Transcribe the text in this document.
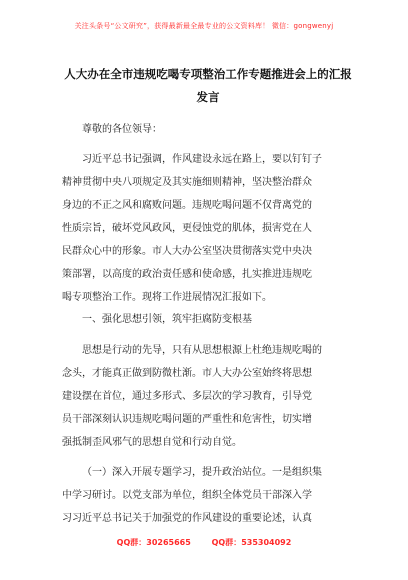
关注头条号“公文研究”，获得最新最全最专业的公文资料库！ 微信：gongwenyj
人大办在全市违规吃喝专项整治工作专题推进会上的汇报
发言
尊敬的各位领导：
习近平总书记强调，作风建设永远在路上，要以钉钉子
精神贯彻中央八项规定及其实施细则精神，坚决整治群众
身边的不正之风和腐败问题。违规吃喝问题不仅背离党的
性质宗旨，破坏党风政风，更侵蚀党的肌体，损害党在人
民群众心中的形象。市人大办公室坚决贯彻落实党中央决
策部署，以高度的政治责任感和使命感，扎实推进违规吃
喝专项整治工作。现将工作进展情况汇报如下。
一、强化思想引领，筑牢拒腐防变根基
思想是行动的先导，只有从思想根源上杜绝违规吃喝的
念头，才能真正做到防微杜渐。市人大办公室始终将思想
建设摆在首位，通过多形式、多层次的学习教育，引导党
员干部深刻认识违规吃喝问题的严重性和危害性，切实增
强抵制歪风邪气的思想自觉和行动自觉。
（一）深入开展专题学习，提升政治站位。一是组织集
中学习研讨。以党支部为单位，组织全体党员干部深入学
习习近平总书记关于加强党的作风建设的重要论述，认真
QQ群：30265665	QQ群：535304092
